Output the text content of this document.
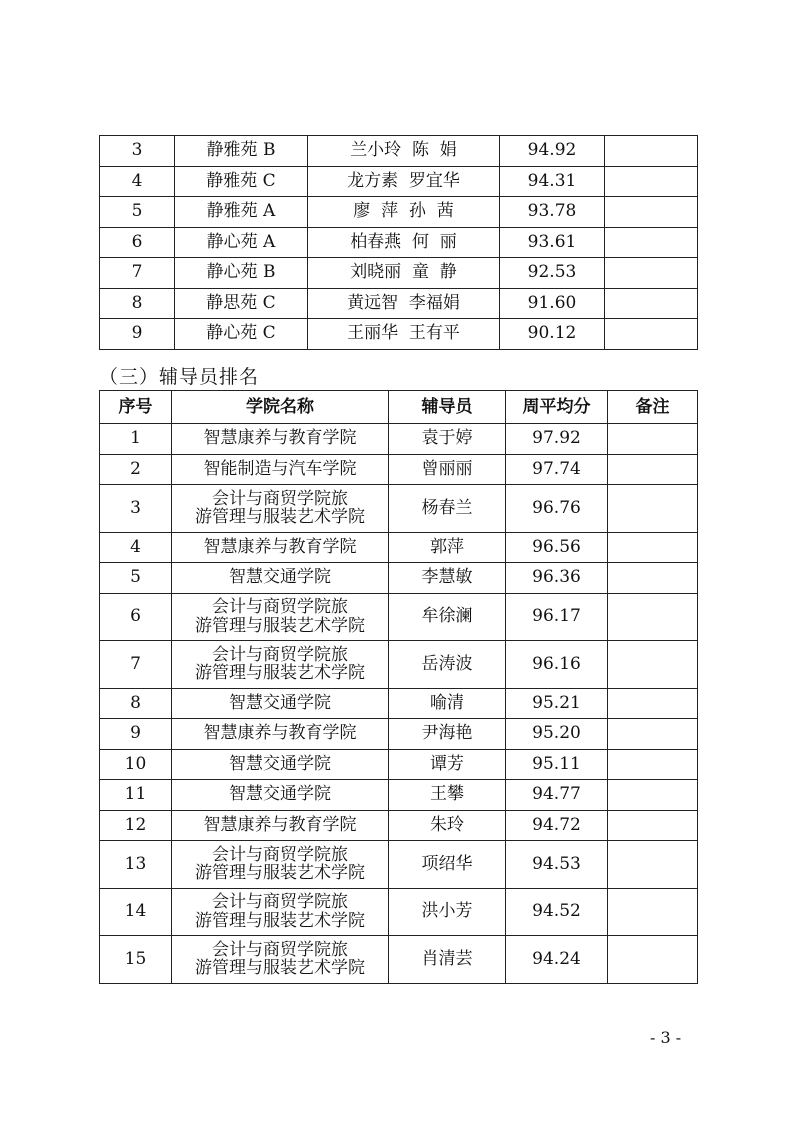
3	静雅苑 B	兰小玲  陈  娟	94.92	
4	静雅苑 C	龙方素  罗宜华	94.31	
5	静雅苑 A	廖  萍  孙  茜	93.78	
6	静心苑 A	柏春燕  何  丽	93.61	
7	静心苑 B	刘晓丽  童  静	92.53	
8	静思苑 C	黄远智  李福娟	91.60	
9	静心苑 C	王丽华  王有平	90.12	
（三）辅导员排名
序号	学院名称	辅导员	周平均分	备注
1	智慧康养与教育学院	袁于婷	97.92	
2	智能制造与汽车学院	曾丽丽	97.74	
3	会计与商贸学院旅
游管理与服装艺术学院	杨春兰	96.76	
4	智慧康养与教育学院	郭萍	96.56	
5	智慧交通学院	李慧敏	96.36	
6	会计与商贸学院旅
游管理与服装艺术学院	牟徐澜	96.17	
7	会计与商贸学院旅
游管理与服装艺术学院	岳涛波	96.16	
8	智慧交通学院	喻清	95.21	
9	智慧康养与教育学院	尹海艳	95.20	
10	智慧交通学院	谭芳	95.11	
11	智慧交通学院	王攀	94.77	
12	智慧康养与教育学院	朱玲	94.72	
13	会计与商贸学院旅
游管理与服装艺术学院	项绍华	94.53	
14	会计与商贸学院旅
游管理与服装艺术学院	洪小芳	94.52	
15	会计与商贸学院旅
游管理与服装艺术学院	肖清芸	94.24	
- 3 -
